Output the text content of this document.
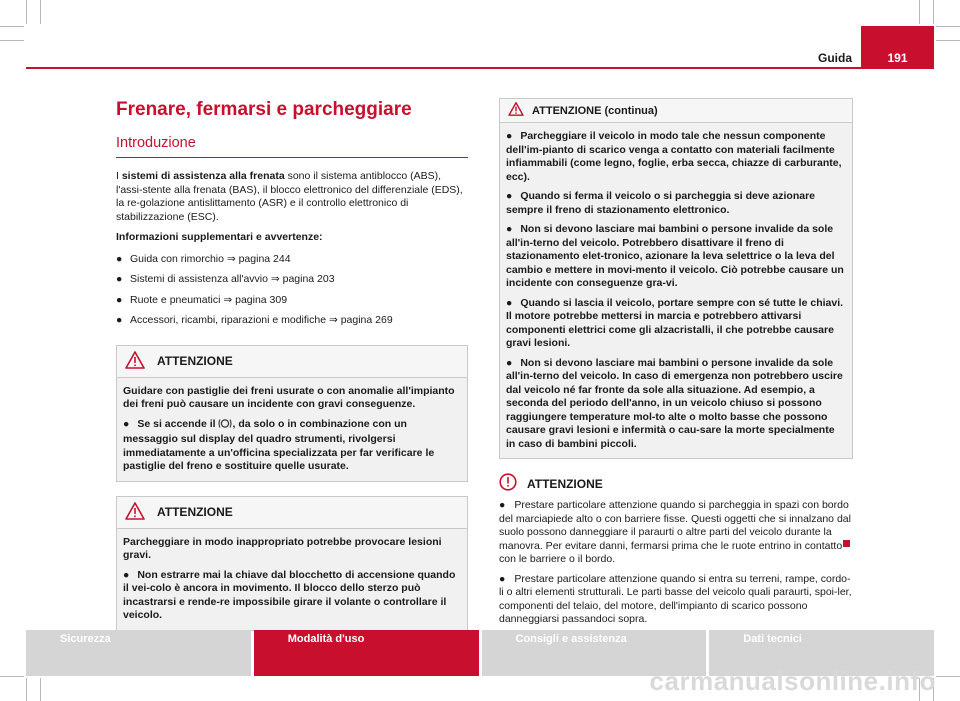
Guida	191
Frenare, fermarsi e parcheggiare
Introduzione

I sistemi di assistenza alla frenata sono il sistema antiblocco (ABS), l'assi-stente alla frenata (BAS), il blocco elettronico del differenziale (EDS), la re-golazione antislittamento (ASR) e il controllo elettronico di stabilizzazione (ESC).

Informazioni supplementari e avvertenze:

● Guida con rimorchio ⇒ pagina 244
● Sistemi di assistenza all'avvio ⇒ pagina 203
● Ruote e pneumatici ⇒ pagina 309
● Accessori, ricambi, riparazioni e modifiche ⇒ pagina 269
ATTENZIONE
Guidare con pastiglie dei freni usurate o con anomalie all'impianto dei freni può causare un incidente con gravi conseguenze.
● Se si accende il , da solo o in combinazione con un messaggio sul display del quadro strumenti, rivolgersi immediatamente a un'officina specializzata per far verificare le pastiglie del freno e sostituire quelle usurate.
ATTENZIONE
Parcheggiare in modo inappropriato potrebbe provocare lesioni gravi.
● Non estrarre mai la chiave dal blocchetto di accensione quando il vei-colo è ancora in movimento. Il blocco dello sterzo può incastrarsi e rende-re impossibile girare il volante o controllare il veicolo.
ATTENZIONE (continua)
● Parcheggiare il veicolo in modo tale che nessun componente dell'im-pianto di scarico venga a contatto con materiali facilmente infiammabili (come legno, foglie, erba secca, chiazze di carburante, ecc).
● Quando si ferma il veicolo o si parcheggia si deve azionare sempre il freno di stazionamento elettronico.
● Non si devono lasciare mai bambini o persone invalide da sole all'in-terno del veicolo. Potrebbero disattivare il freno di stazionamento elet-tronico, azionare la leva selettrice o la leva del cambio e mettere in movi-mento il veicolo. Ciò potrebbe causare un incidente con conseguenze gra-vi.
● Quando si lascia il veicolo, portare sempre con sé tutte le chiavi. Il motore potrebbe mettersi in marcia e potrebbero attivarsi componenti elettrici come gli alzacristalli, il che potrebbe causare gravi lesioni.
● Non si devono lasciare mai bambini o persone invalide da sole all'in-terno del veicolo. In caso di emergenza non potrebbero uscire dal veicolo né far fronte da sole alla situazione. Ad esempio, a seconda del periodo dell'anno, in un veicolo chiuso si possono raggiungere temperature mol-to alte o molto basse che possono causare gravi lesioni e infermità o cau-sare la morte specialmente in caso di bambini piccoli.
ATTENZIONE

● Prestare particolare attenzione quando si parcheggia in spazi con bordo del marciapiede alto o con barriere fisse. Questi oggetti che si innalzano dal suolo possono danneggiare il paraurti o altre parti del veicolo durante la manovra. Per evitare danni, fermarsi prima che le ruote entrino in contatto con le barriere o il bordo.

● Prestare particolare attenzione quando si entra su terreni, rampe, cordo-li o altri elementi strutturali. Le parti basse del veicolo quali paraurti, spoi-ler, componenti del telaio, del motore, dell'impianto di scarico possono danneggiarsi passandoci sopra.

Sicurezza	Modalità d'uso	Consigli e assistenza	Dati tecnici
carmanualsonline.info
